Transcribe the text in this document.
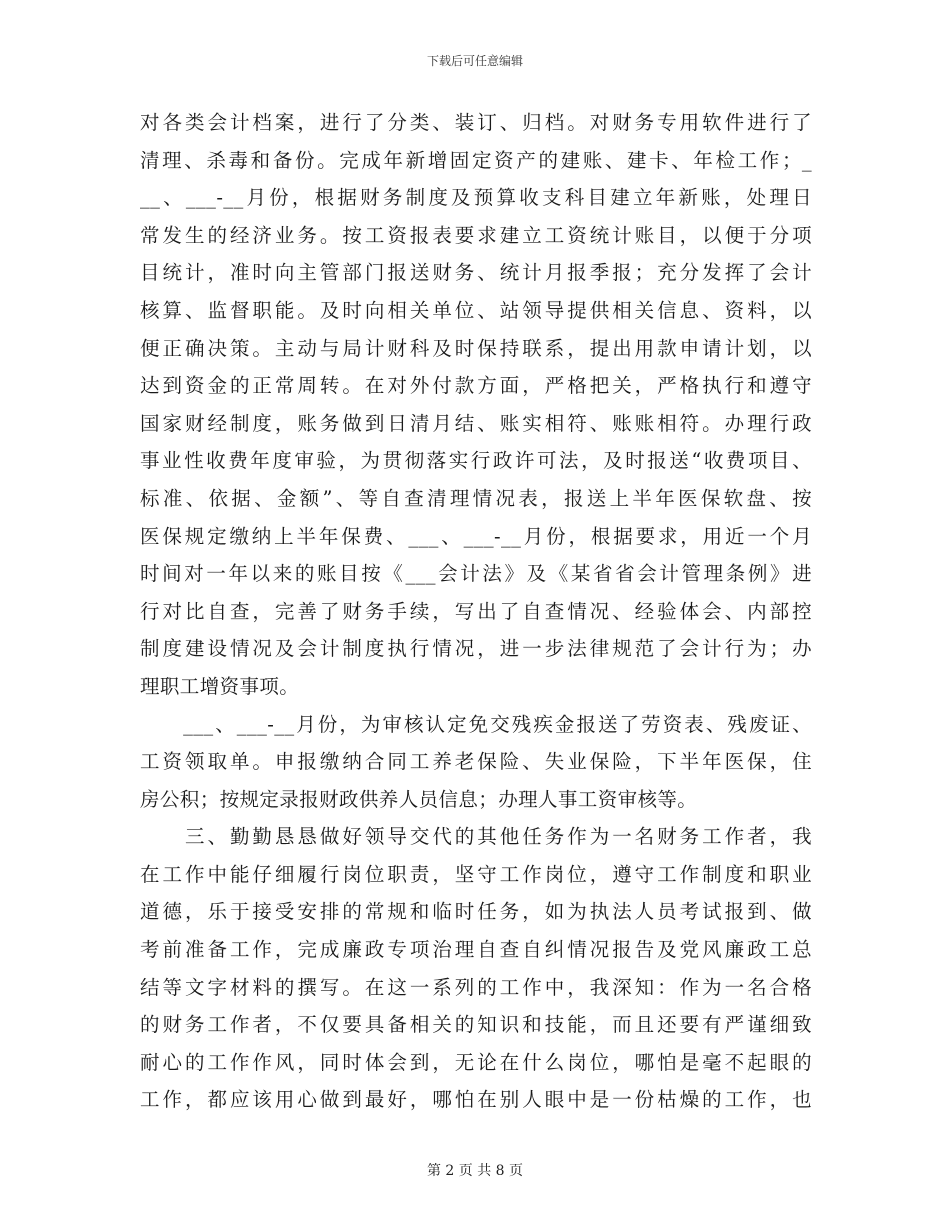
下载后可任意编辑
对各类会计档案，进行了分类、装订、归档。对财务专用软件进行了
清理、杀毒和备份。完成年新增固定资产的建账、建卡、年检工作；_
__、___-__月份，根据财务制度及预算收支科目建立年新账，处理日
常发生的经济业务。按工资报表要求建立工资统计账目，以便于分项
目统计，准时向主管部门报送财务、统计月报季报；充分发挥了会计
核算、监督职能。及时向相关单位、站领导提供相关信息、资料，以
便正确决策。主动与局计财科及时保持联系，提出用款申请计划，以
达到资金的正常周转。在对外付款方面，严格把关，严格执行和遵守
国家财经制度，账务做到日清月结、账实相符、账账相符。办理行政
事业性收费年度审验，为贯彻落实行政许可法，及时报送“收费项目、
标准、依据、金额”、等自查清理情况表，报送上半年医保软盘、按
医保规定缴纳上半年保费、___、___-__月份，根据要求，用近一个月
时间对一年以来的账目按《___会计法》及《某省省会计管理条例》进
行对比自查，完善了财务手续，写出了自查情况、经验体会、内部控
制度建设情况及会计制度执行情况，进一步法律规范了会计行为；办
理职工增资事项。
　　___、___-__月份，为审核认定免交残疾金报送了劳资表、残废证、
工资领取单。申报缴纳合同工养老保险、失业保险，下半年医保，住
房公积；按规定录报财政供养人员信息；办理人事工资审核等。
　　三、勤勤恳恳做好领导交代的其他任务作为一名财务工作者，我
在工作中能仔细履行岗位职责，坚守工作岗位，遵守工作制度和职业
道德，乐于接受安排的常规和临时任务，如为执法人员考试报到、做
考前准备工作，完成廉政专项治理自查自纠情况报告及党风廉政工总
结等文字材料的撰写。在这一系列的工作中，我深知：作为一名合格
的财务工作者，不仅要具备相关的知识和技能，而且还要有严谨细致
耐心的工作作风，同时体会到，无论在什么岗位，哪怕是毫不起眼的
工作，都应该用心做到最好，哪怕在别人眼中是一份枯燥的工作，也
第 2 页 共 8 页
